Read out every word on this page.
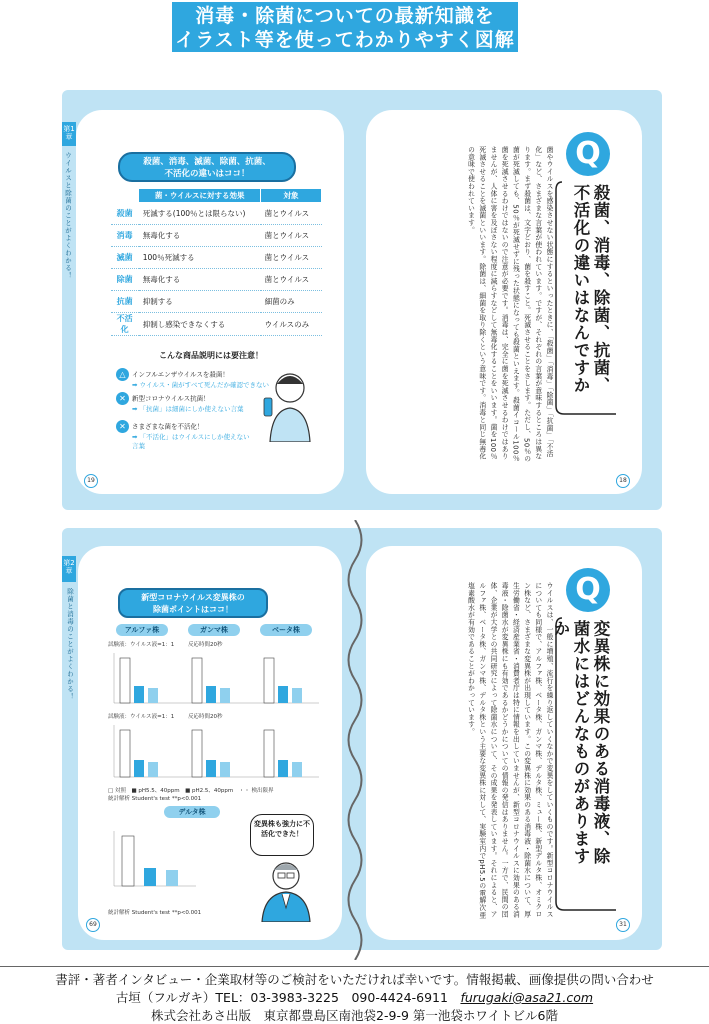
消毒・除菌についての最新知識を
イラスト等を使ってわかりやすく図解
第1章
ウイルスと除菌のことがよくわかる！	殺菌、消毒、滅菌、除菌、抗菌、
不活化の違いはココ！
	菌・ウイルスに対する効果	対象
殺菌	死滅する(100％とは限らない)	菌とウイルス
消毒	無毒化する	菌とウイルス
滅菌	100％死滅する	菌とウイルス
除菌	無毒化する	菌とウイルス
抗菌	抑制する	細菌のみ
不活化	抑制し感染できなくする	ウイルスのみ
こんな商品説明には要注意！
△ インフルエンザウイルスを殺菌！
➡ ウイルス・菌がすべて死んだか確認できない
✕ 新型コロナウイルス抗菌！
➡ 「抗菌」は細菌にしか使えない言葉
✕ さまざまな菌を不活化！
➡ 「不活化」はウイルスにしか使えない言葉
19
Q
殺菌、消毒、除菌、抗菌、不活化の違いはなんですか
菌やウイルスを感染させない状態にするといったときに、「殺菌」「消毒」「除菌」「抗菌」「不活化」など、さまざまな言葉が使われています。ですが、それぞれの言葉が意味するところは異なります。まず殺菌は、文字どおり、菌を殺すこと。死滅させることをさします。ただし、50％の菌が死滅しても、50％が死滅せずに残った状態になっても殺菌といえます。殺菌イコール100％菌を死滅させるわけではないので注意が必要です。消毒は、完全に菌を死滅させるわけではありませんが、人体に害を及ぼさない程度に減らすなどして無毒化することをいいます。菌を100％死滅させることを滅菌といいます。除菌は、細菌を取り除くという意味です。消毒と同じ無毒化の意味で使われています。
18
第2章
除菌と消毒のことがよくわかる！	新型コロナウイルス変異株の
除菌ポイントはココ！
アルファ株	ガンマ株	ベータ株
試験液：ウイルス液=1：1 反応時間20秒
試験液：ウイルス液=1：1 反応時間20秒
□ 対照　■ pH5.5、40ppm　■ pH2.5、40ppm　・・ 検出限界
統計解析 Student's test **p<0.001
デルタ株
変異株も強力に不活化できた！
統計解析 Student's test **p<0.001
69
Q
変異株に効果のある消毒液、除菌水にはどんなものがありますか
ウイルスは、一般に増殖、流行を繰り返していくなかで変異をしていくものです。新型コロナウイルスについても同様で、アルファ株、ベータ株、ガンマ株、デルタ株、ミュー株、新型デルタ株、オミクロン株など、さまざまな変異株が出現しています。この変異株に効果のある消毒液・除菌水について、厚生労働省・経済産業省・消費者庁は特に情報を出していませんが、新型コロナウイルスに効果のある消毒液・除菌水が変異株にも有効であるかどうかについての情報の発信はありません。一方で、民間の団体、企業が大学との共同研究によって除菌水について、その成果を発表しています。それによると、アルファ株、ベータ株、ガンマ株、デルタ株という主要な変異株に対して、実験室内でpH5.5の電解次亜塩素酸水が有効であることがわかっています。
31
書評・著者インタビュー・企業取材等のご検討をいただければ幸いです。情報掲載、画像提供の問い合わせ
古垣（フルガキ）TEL：03-3983-3225　090-4424-6911　furugaki@asa21.com
株式会社あさ出版　東京都豊島区南池袋2-9-9 第一池袋ホワイトビル6階
